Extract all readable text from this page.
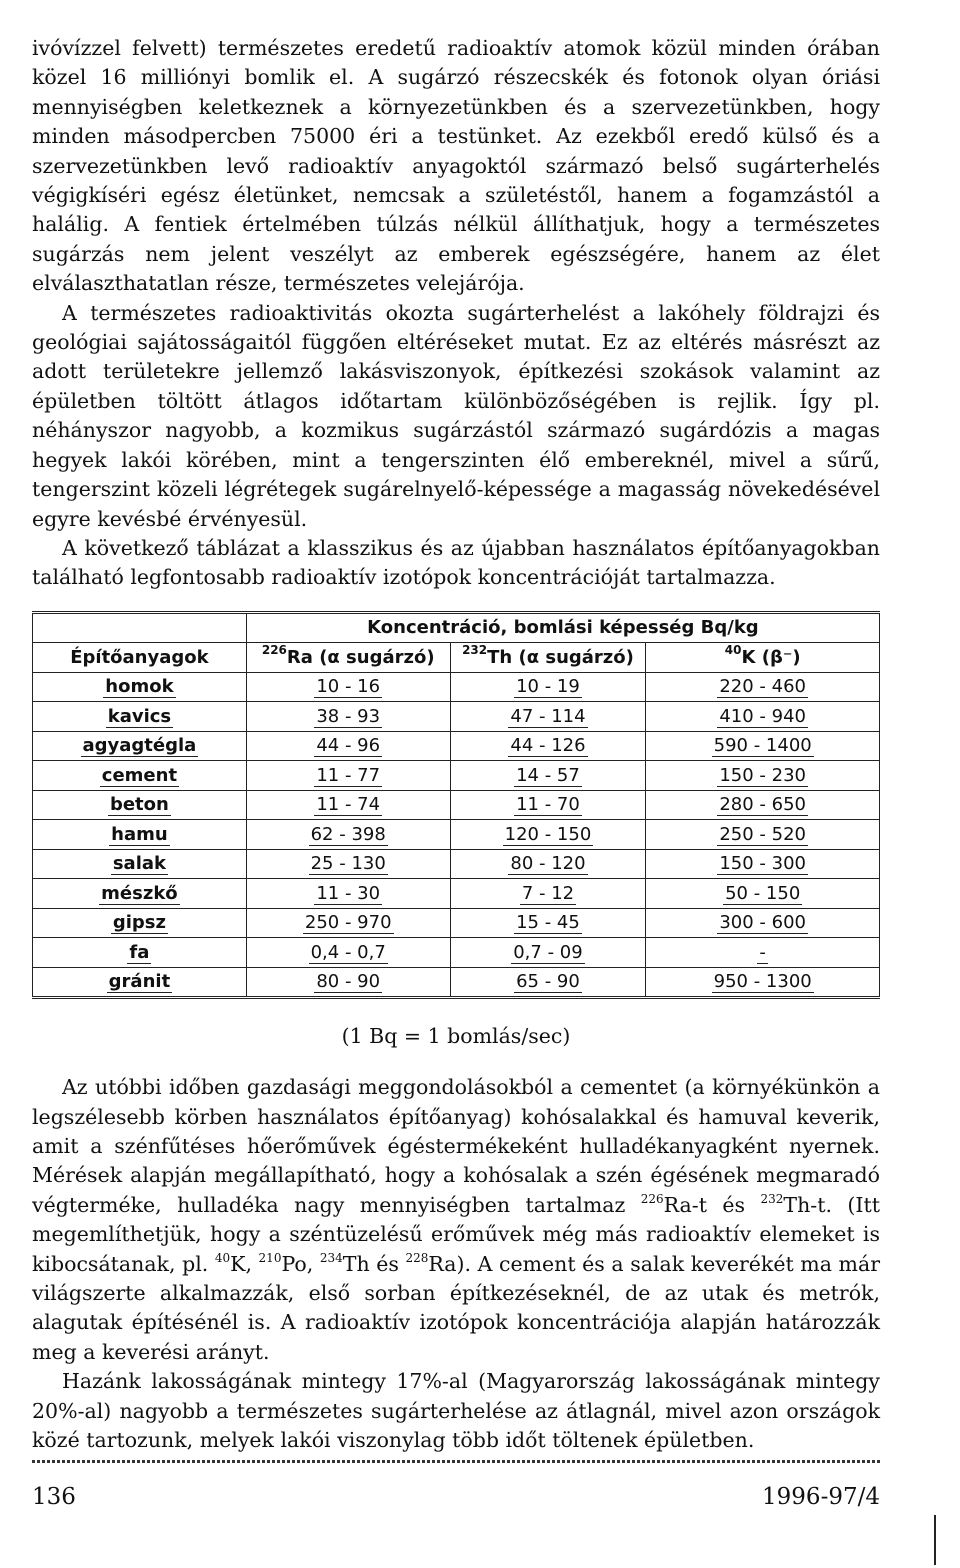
ivóvízzel felvett) természetes eredetű radioaktív atomok közül minden órában közel 16 milliónyi bomlik el. A sugárzó részecskék és fotonok olyan óriási mennyiségben keletkeznek a környezetünkben és a szervezetünkben, hogy minden másodpercben 75000 éri a testünket. Az ezekből eredő külső és a szervezetünkben levő radioaktív anyagoktól származó belső sugárterhelés végigkíséri egész életünket, nemcsak a születéstől, hanem a fogamzástól a halálig. A fentiek értelmében túlzás nélkül állíthatjuk, hogy a természetes sugárzás nem jelent veszélyt az emberek egészségére, hanem az élet elválaszthatatlan része, természetes velejárója.

A természetes radioaktivitás okozta sugárterhelést a lakóhely földrajzi és geológiai sajátosságaitól függően eltéréseket mutat. Ez az eltérés másrészt az adott területekre jellemző lakásviszonyok, építkezési szokások valamint az épületben töltött átlagos időtartam különbözőségében is rejlik. Így pl. néhányszor nagyobb, a kozmikus sugárzástól származó sugárdózis a magas hegyek lakói körében, mint a tengerszinten élő embereknél, mivel a sűrű, tengerszint közeli légrétegek sugárelnyelő-képessége a magasság növekedésével egyre kevésbé érvényesül.

A következő táblázat a klasszikus és az újabban használatos építőanyagokban található legfontosabb radioaktív izotópok koncentrációját tartalmazza.

	Koncentráció, bomlási képesség Bq/kg		
Építőanyagok	$^{226}$Ra (α sugárzó)	$^{232}$Th (α sugárzó)	$^{40}$K (β⁻)
homok	10 - 16	10 - 19	220 - 460
kavics	38 - 93	47 - 114	410 - 940
agyagtégla	44 - 96	44 - 126	590 - 1400
cement	11 - 77	14 - 57	150 - 230
beton	11 - 74	11 - 70	280 - 650
hamu	62 - 398	120 - 150	250 - 520
salak	25 - 130	80 - 120	150 - 300
mészkő	11 - 30	7 - 12	50 - 150
gipsz	250 - 970	15 - 45	300 - 600
fa	0,4 - 0,7	0,7 - 09	-
gránit	80 - 90	65 - 90	950 - 1300
(1 Bq = 1 bomlás/sec)

Az utóbbi időben gazdasági meggondolásokból a cementet (a környékünkön a legszélesebb körben használatos építőanyag) kohósalakkal és hamuval keverik, amit a szénfűtéses hőerőművek égéstermékeként hulladékanyagként nyernek. Mérések alapján megállapítható, hogy a kohósalak a szén égésének megmaradó végterméke, hulladéka nagy mennyiségben tartalmaz $^{226}$Ra-t és $^{232}$Th-t. (Itt megemlíthetjük, hogy a széntüzelésű erőművek még más radioaktív elemeket is kibocsátanak, pl. $^{40}$K, $^{210}$Po, $^{234}$Th és $^{228}$Ra). A cement és a salak keverékét ma már világszerte alkalmazzák, első sorban építkezéseknél, de az utak és metrók, alagutak építésénél is. A radioaktív izotópok koncentrációja alapján határozzák meg a keverési arányt.

Hazánk lakosságának mintegy 17%-al (Magyarország lakosságának mintegy 20%-al) nagyobb a természetes sugárterhelése az átlagnál, mivel azon országok közé tartozunk, melyek lakói viszonylag több időt töltenek épületben.

136	1996-97/4
